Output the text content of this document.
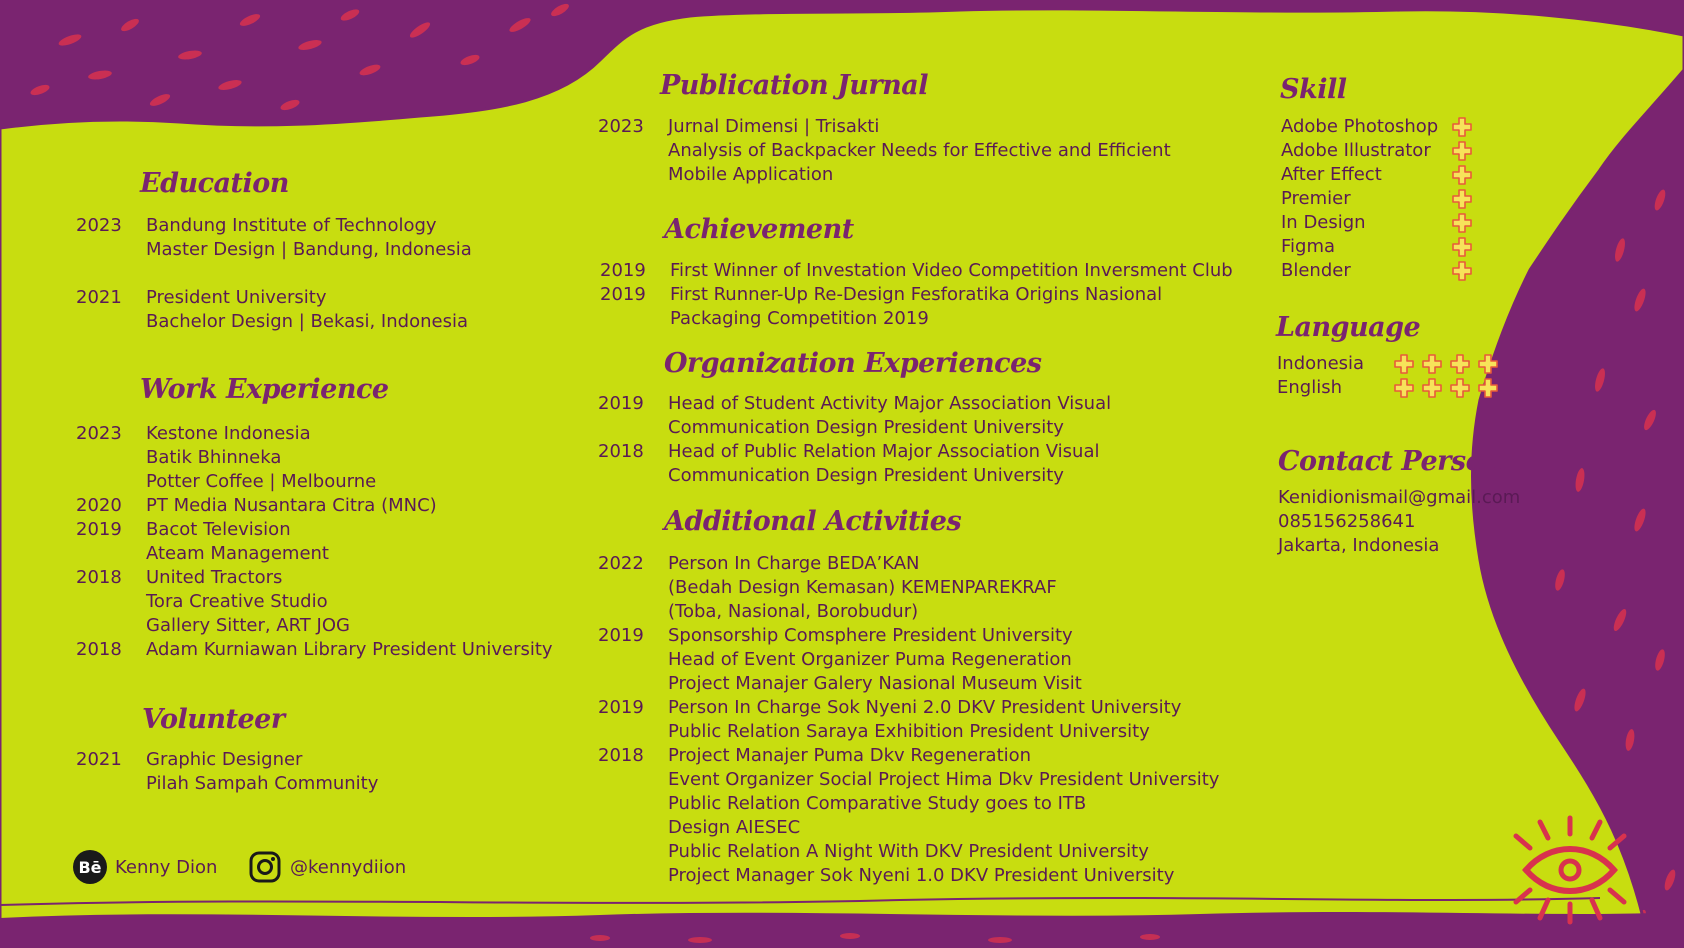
Education
2023 Bandung Institute of Technology
Master Design | Bandung, Indonesia
2021 President University
Bachelor Design | Bekasi, Indonesia
Work Experience
2023 Kestone Indonesia
Batik Bhinneka
Potter Coffee | Melbourne
2020 PT Media Nusantara Citra (MNC)
2019 Bacot Television
Ateam Management
2018 United Tractors
Tora Creative Studio
Gallery Sitter, ART JOG
2018 Adam Kurniawan Library President University
Volunteer
2021 Graphic Designer
Pilah Sampah Community
Bē Kenny Dion	@kennydiion
Publication Jurnal
2023 Jurnal Dimensi | Trisakti
Analysis of Backpacker Needs for Effective and Efficient
Mobile Application
Achievement
2019 First Winner of Investation Video Competition Inversment Club
2019 First Runner-Up Re-Design Fesforatika Origins Nasional
Packaging Competition 2019
Organization Experiences
2019 Head of Student Activity Major Association Visual
Communication Design President University
2018 Head of Public Relation Major Association Visual
Communication Design President University
Additional Activities
2022 Person In Charge BEDA’KAN
(Bedah Design Kemasan) KEMENPAREKRAF
(Toba, Nasional, Borobudur)
2019 Sponsorship Comsphere President University
Head of Event Organizer Puma Regeneration
Project Manajer Galery Nasional Museum Visit
2019 Person In Charge Sok Nyeni 2.0 DKV President University
Public Relation Saraya Exhibition President University
2018 Project Manajer Puma Dkv Regeneration
Event Organizer Social Project Hima Dkv President University
Public Relation Comparative Study goes to ITB
Design AIESEC
Public Relation A Night With DKV President University
Project Manager Sok Nyeni 1.0 DKV President University
Skill
Language
Contact Person
Kenidionismail@gmail.com
085156258641
Jakarta, Indonesia
Adobe Photoshop
Adobe Illustrator
After Effect
Premier
In Design
Figma
Blender
Indonesia
English
